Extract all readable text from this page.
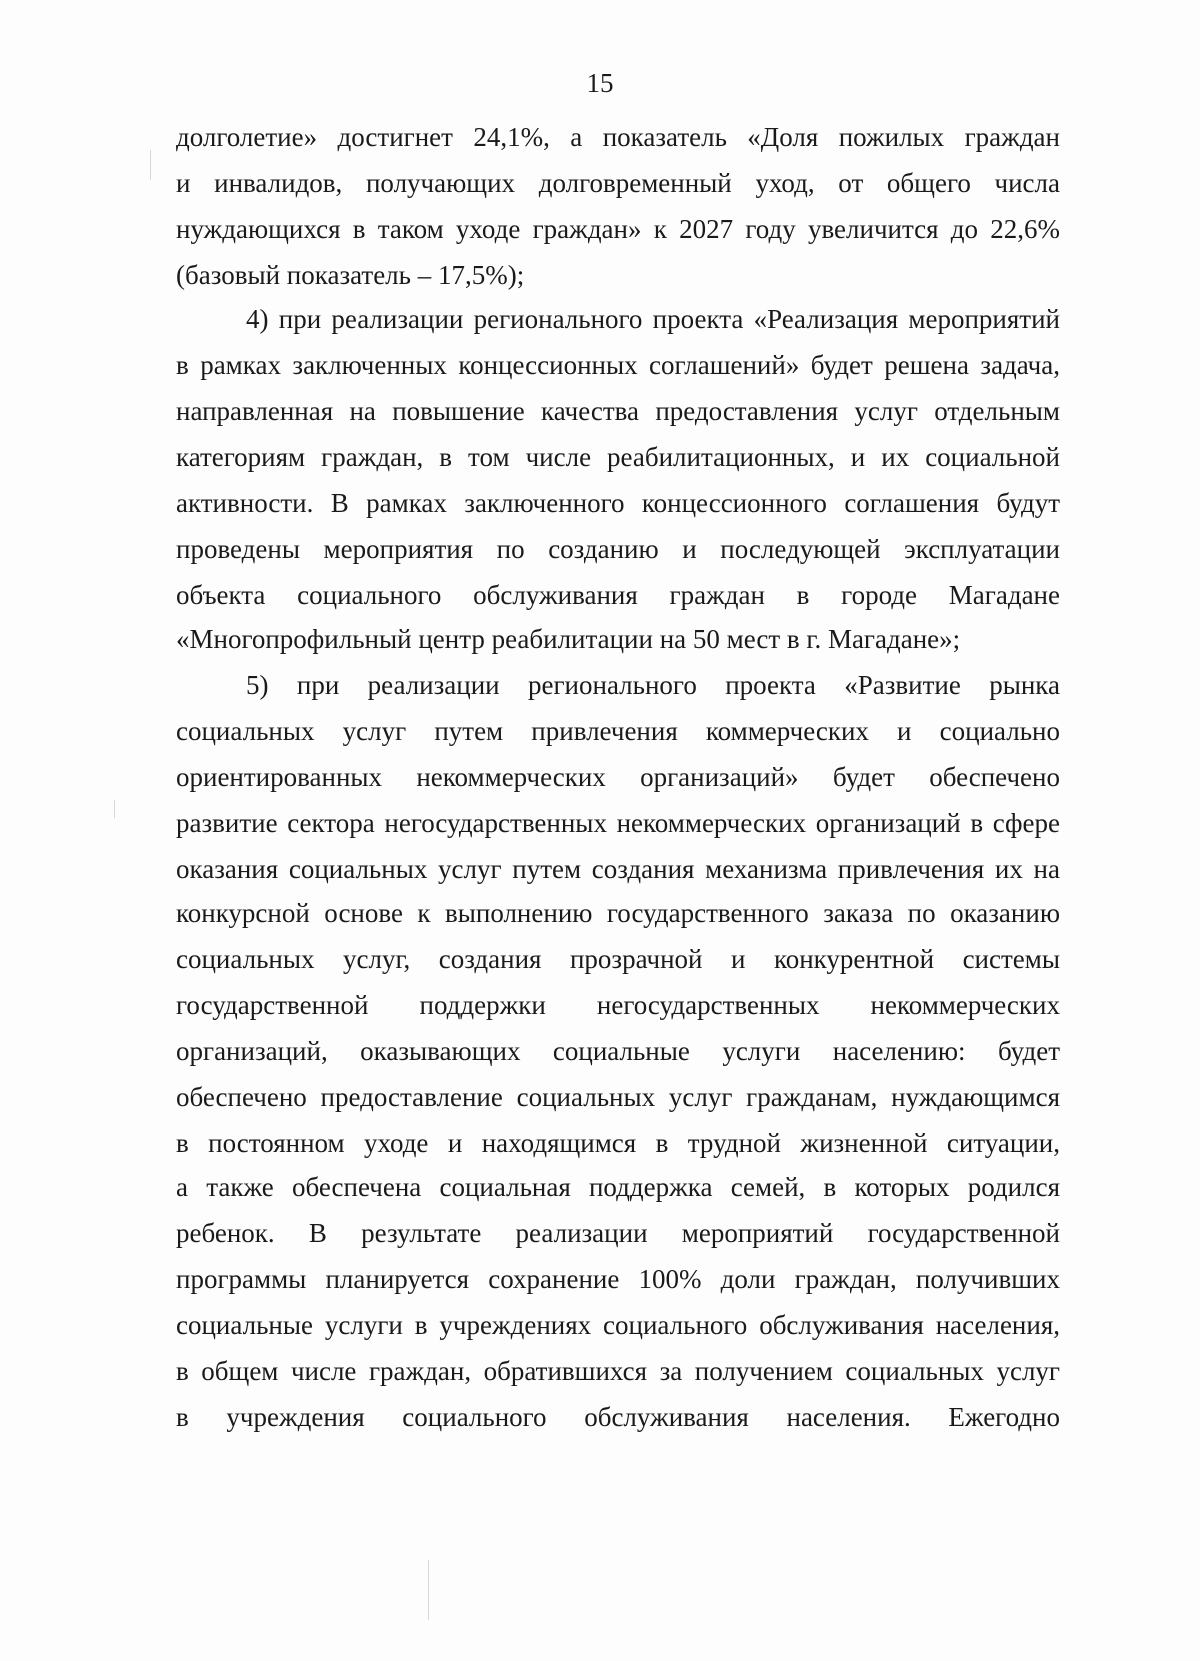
15
долголетие» достигнет 24,1%, а показатель «Доля пожилых граждан
и инвалидов, получающих долговременный уход, от общего числа
нуждающихся в таком уходе граждан» к 2027 году увеличится до 22,6%
(базовый показатель – 17,5%);
4) при реализации регионального проекта «Реализация мероприятий
в рамках заключенных концессионных соглашений» будет решена задача,
направленная на повышение качества предоставления услуг отдельным
категориям граждан, в том числе реабилитационных, и их социальной
активности. В рамках заключенного концессионного соглашения будут
проведены мероприятия по созданию и последующей эксплуатации
объекта социального обслуживания граждан в городе Магадане
«Многопрофильный центр реабилитации на 50 мест в г. Магадане»;
5) при реализации регионального проекта «Развитие рынка
социальных услуг путем привлечения коммерческих и социально
ориентированных некоммерческих организаций» будет обеспечено
развитие сектора негосударственных некоммерческих организаций в сфере
оказания социальных услуг путем создания механизма привлечения их на
конкурсной основе к выполнению государственного заказа по оказанию
социальных услуг, создания прозрачной и конкурентной системы
государственной поддержки негосударственных некоммерческих
организаций, оказывающих социальные услуги населению: будет
обеспечено предоставление социальных услуг гражданам, нуждающимся
в постоянном уходе и находящимся в трудной жизненной ситуации,
а также обеспечена социальная поддержка семей, в которых родился
ребенок. В результате реализации мероприятий государственной
программы планируется сохранение 100% доли граждан, получивших
социальные услуги в учреждениях социального обслуживания населения,
в общем числе граждан, обратившихся за получением социальных услуг
в учреждения социального обслуживания населения. Ежегодно
